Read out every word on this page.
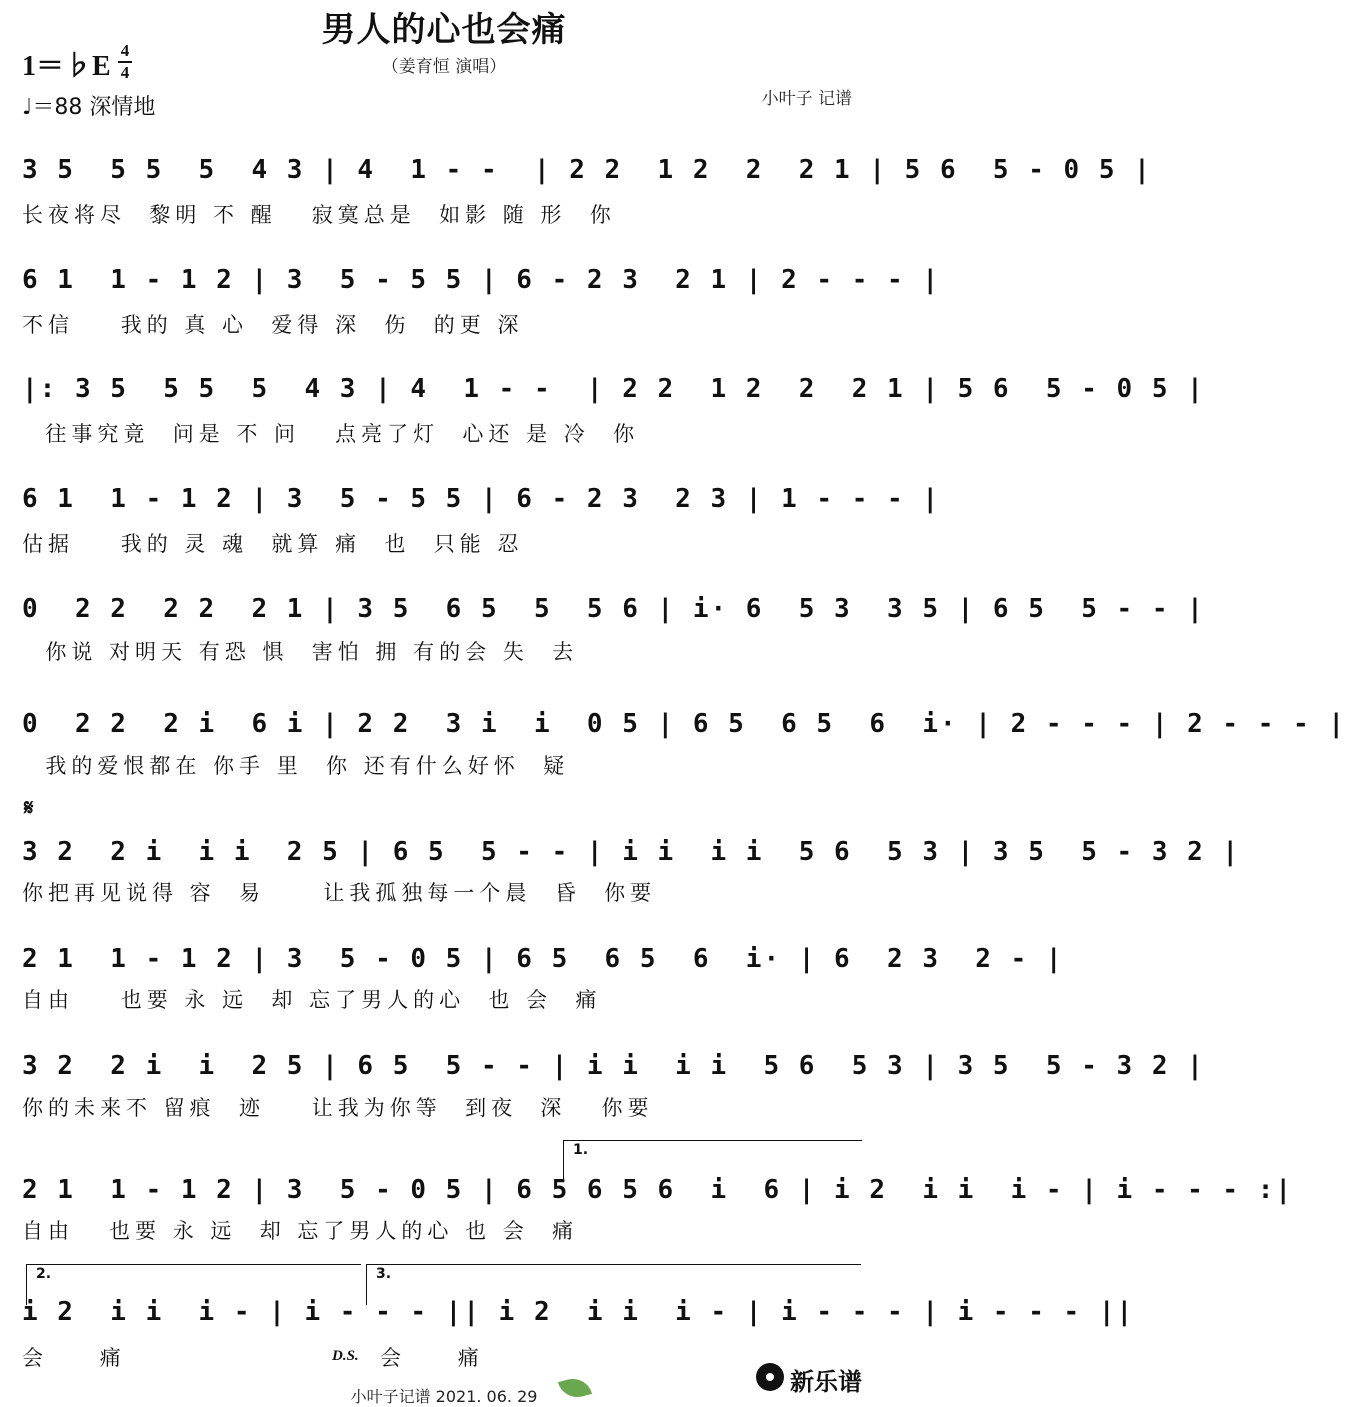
男人的心也会痛
（姜育恒 演唱）
1＝♭E
4
4
♩＝88 深情地	小叶子 记谱
3 5  5 5  5  4 3 | 4  1 - -  | 2 2  1 2  2  2 1 | 5 6  5 - 0 5 |
长夜将尽  黎明 不 醒   寂寞总是  如影 随 形  你
6 1  1 - 1 2 | 3  5 - 5 5 | 6 - 2 3  2 1 | 2 - - - |
不信    我的 真 心  爱得 深  伤  的更 深
|: 3 5  5 5  5  4 3 | 4  1 - -  | 2 2  1 2  2  2 1 | 5 6  5 - 0 5 |
往事究竟  问是 不 问   点亮了灯  心还 是 冷  你
6 1  1 - 1 2 | 3  5 - 5 5 | 6 - 2 3  2 3 | 1 - - - |
估据    我的 灵 魂  就算 痛  也  只能 忍
0  2 2  2 2  2 1 | 3 5  6 5  5  5 6 | i· 6  5 3  3 5 | 6 5  5 - - |
你说 对明天 有恐 惧  害怕 拥 有的会 失  去
0  2 2  2 i  6 i | 2 2  3 i  i  0 5 | 6 5  6 5  6  i· | 2 - - - | 2 - - - |
我的爱恨都在 你手 里  你 还有什么好怀  疑
𝄋
3 2  2 i  i i  2 5 | 6 5  5 - - | i i  i i  5 6  5 3 | 3 5  5 - 3 2 |
你把再见说得 容  易     让我孤独每一个晨  昏  你要
2 1  1 - 1 2 | 3  5 - 0 5 | 6 5  6 5  6  i· | 6  2 3  2 - |
自由    也要 永 远  却 忘了男人的心  也 会  痛
3 2  2 i  i  2 5 | 6 5  5 - - | i i  i i  5 6  5 3 | 3 5  5 - 3 2 |
你的未来不 留痕  迹    让我为你等  到夜  深   你要
1.
2 1  1 - 1 2 | 3  5 - 0 5 | 6 5 6 5 6  i  6 | i 2  i i  i - | i - - - :|
自由   也要 永 远  却 忘了男人的心 也 会  痛
2.	3.
i 2  i i  i - | i - - - || i 2  i i  i - | i - - - | i - - - ||
会    痛	D.S. 会    痛
小叶子记谱 2021. 06. 29
新乐谱
